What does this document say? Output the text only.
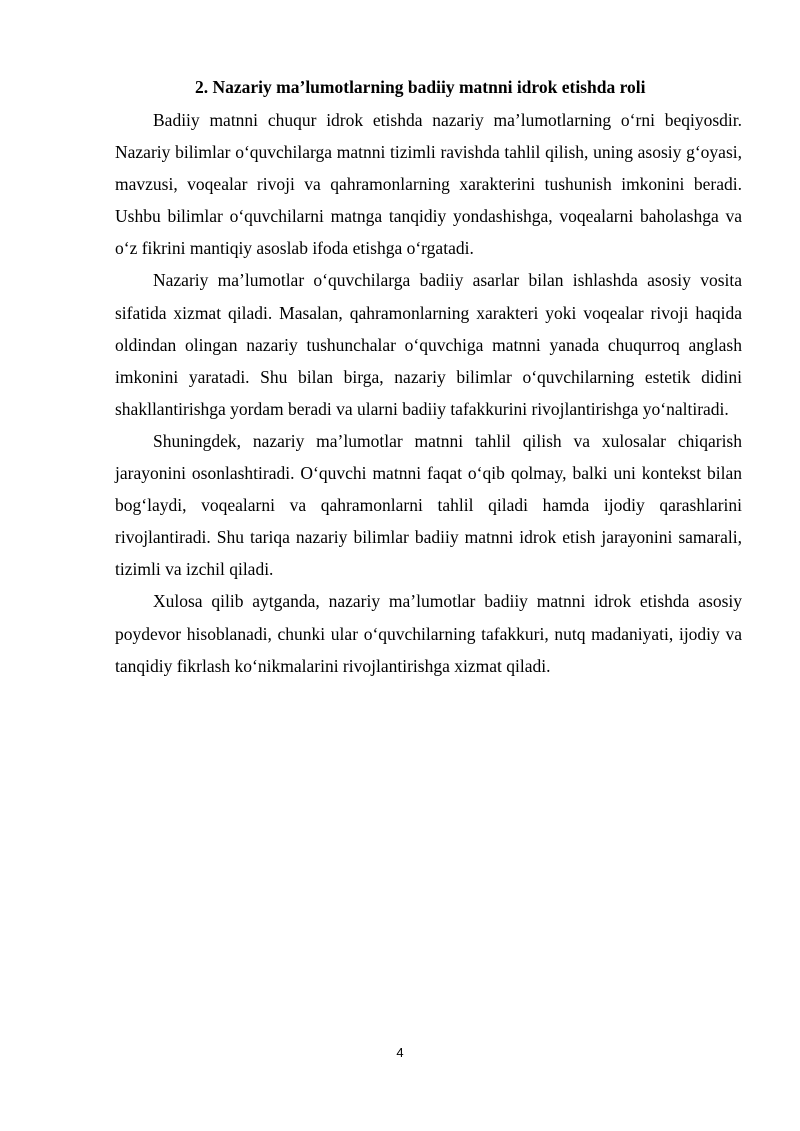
2. Nazariy ma’lumotlarning badiiy matnni idrok etishda roli

Badiiy matnni chuqur idrok etishda nazariy ma’lumotlarning o‘rni beqiyosdir. Nazariy bilimlar o‘quvchilarga matnni tizimli ravishda tahlil qilish, uning asosiy g‘oyasi, mavzusi, voqealar rivoji va qahramonlarning xarakterini tushunish imkonini beradi. Ushbu bilimlar o‘quvchilarni matnga tanqidiy yondashishga, voqealarni baholashga va o‘z fikrini mantiqiy asoslab ifoda etishga o‘rgatadi.

Nazariy ma’lumotlar o‘quvchilarga badiiy asarlar bilan ishlashda asosiy vosita sifatida xizmat qiladi. Masalan, qahramonlarning xarakteri yoki voqealar rivoji haqida oldindan olingan nazariy tushunchalar o‘quvchiga matnni yanada chuqurroq anglash imkonini yaratadi. Shu bilan birga, nazariy bilimlar o‘quvchilarning estetik didini shakllantirishga yordam beradi va ularni badiiy tafakkurini rivojlantirishga yo‘naltiradi.

Shuningdek, nazariy ma’lumotlar matnni tahlil qilish va xulosalar chiqarish jarayonini osonlashtiradi. O‘quvchi matnni faqat o‘qib qolmay, balki uni kontekst bilan bog‘laydi, voqealarni va qahramonlarni tahlil qiladi hamda ijodiy qarashlarini rivojlantiradi. Shu tariqa nazariy bilimlar badiiy matnni idrok etish jarayonini samarali, tizimli va izchil qiladi.

Xulosa qilib aytganda, nazariy ma’lumotlar badiiy matnni idrok etishda asosiy poydevor hisoblanadi, chunki ular o‘quvchilarning tafakkuri, nutq madaniyati, ijodiy va tanqidiy fikrlash ko‘nikmalarini rivojlantirishga xizmat qiladi.

4
